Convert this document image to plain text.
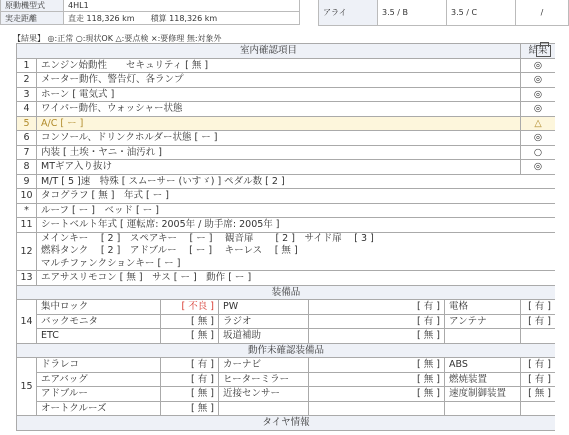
原動機型式	4HL1
実走距離	直走 118,326 km　　積算 118,326 km
アライ	3.5 / B	3.5 / C	/
【結果】 ◎:正常 ○:現状OK △:要点検 ×:要修理 無:対象外
室内確認項目						結果
1	エンジン始動性　　セキュリティ [ 無 ]					◎
2	メーター動作、警告灯、各ランプ					◎
3	ホーン [ 電気式 ]					◎
4	ワイパー動作、ウォッシャー状態					◎
5	A/C [ ー ]					△
6	コンソール、ドリンクホルダー状態 [ ー ]					◎
7	内装 [ 土埃・ヤニ・油汚れ ]					○
8	MTギア入り抜け					◎
9	M/T [ 5 ]速　特殊 [ スムーサー (いすゞ) ] ペダル数 [ 2 ]					
10	タコグラフ [ 無 ]　年式 [ ー ]					
*	ルーフ [ ー ]　ベッド [ ー ]					
11	シートベルト年式 [ 運転席: 2005年 / 助手席: 2005年 ]					
12	メインキー　 [ 2 ]　スペアキー　 [ ー ]　 観音扉　　 [ 2 ]　サイド扉　 [ 3 ]
燃料タンク　 [ 2 ]　アドブルー　 [ ー ]　 キーレス　 [ 無 ]
マルチファンクションキー [ ー ]					

13	エアサスリモコン [ 無 ]　サス [ ー ]　動作 [ ー ]					
装備品						
14	集中ロック	[ 不良 ]	PW	[ 有 ]	電格	[ 有 ]
	バックモニタ	[ 無 ]	ラジオ	[ 有 ]	アンテナ	[ 有 ]
	ETC	[ 無 ]	坂道補助	[ 無 ]		
動作未確認装備品						
15	ドラレコ	[ 有 ]	カーナビ	[ 無 ]	ABS	[ 有 ]
	エアバッグ	[ 有 ]	ヒーターミラー	[ 無 ]	燃焼装置	[ 有 ]
	アドブルー	[ 無 ]	近接センサー	[ 無 ]	速度制御装置	[ 無 ]
	オートクルーズ	[ 無 ]				
タイヤ情報						
